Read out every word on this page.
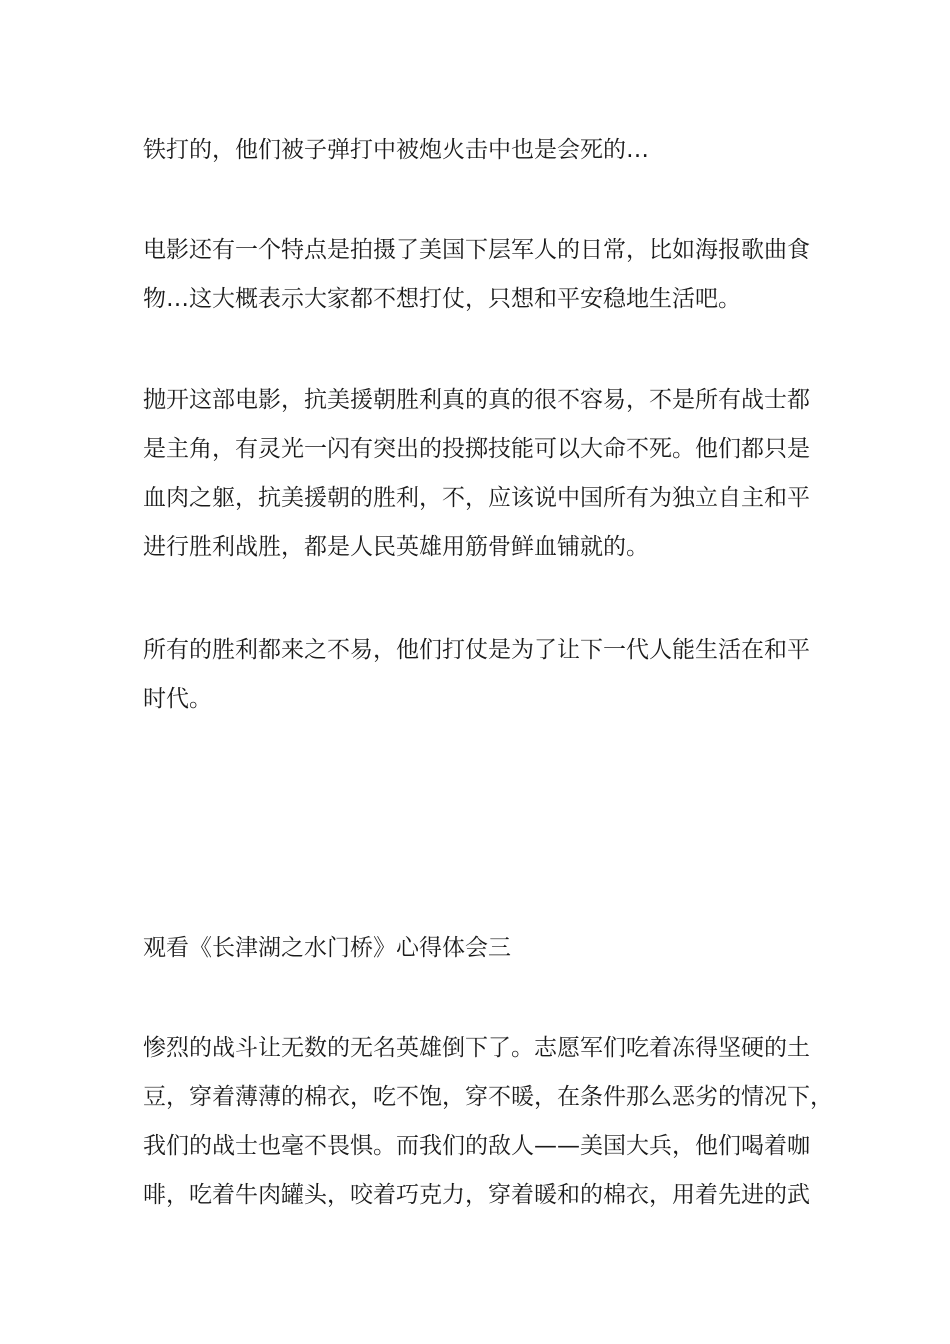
铁打的，他们被子弹打中被炮火击中也是会死的…

电影还有一个特点是拍摄了美国下层军人的日常，比如海报歌曲食
物…这大概表示大家都不想打仗，只想和平安稳地生活吧。

抛开这部电影，抗美援朝胜利真的真的很不容易，不是所有战士都
是主角，有灵光一闪有突出的投掷技能可以大命不死。他们都只是
血肉之躯，抗美援朝的胜利，不，应该说中国所有为独立自主和平
进行胜利战胜，都是人民英雄用筋骨鲜血铺就的。

所有的胜利都来之不易，他们打仗是为了让下一代人能生活在和平
时代。

观看《长津湖之水门桥》心得体会三

惨烈的战斗让无数的无名英雄倒下了。志愿军们吃着冻得坚硬的土
豆，穿着薄薄的棉衣，吃不饱，穿不暖，在条件那么恶劣的情况下，
我们的战士也毫不畏惧。而我们的敌人——美国大兵，他们喝着咖
啡，吃着牛肉罐头，咬着巧克力，穿着暖和的棉衣，用着先进的武
